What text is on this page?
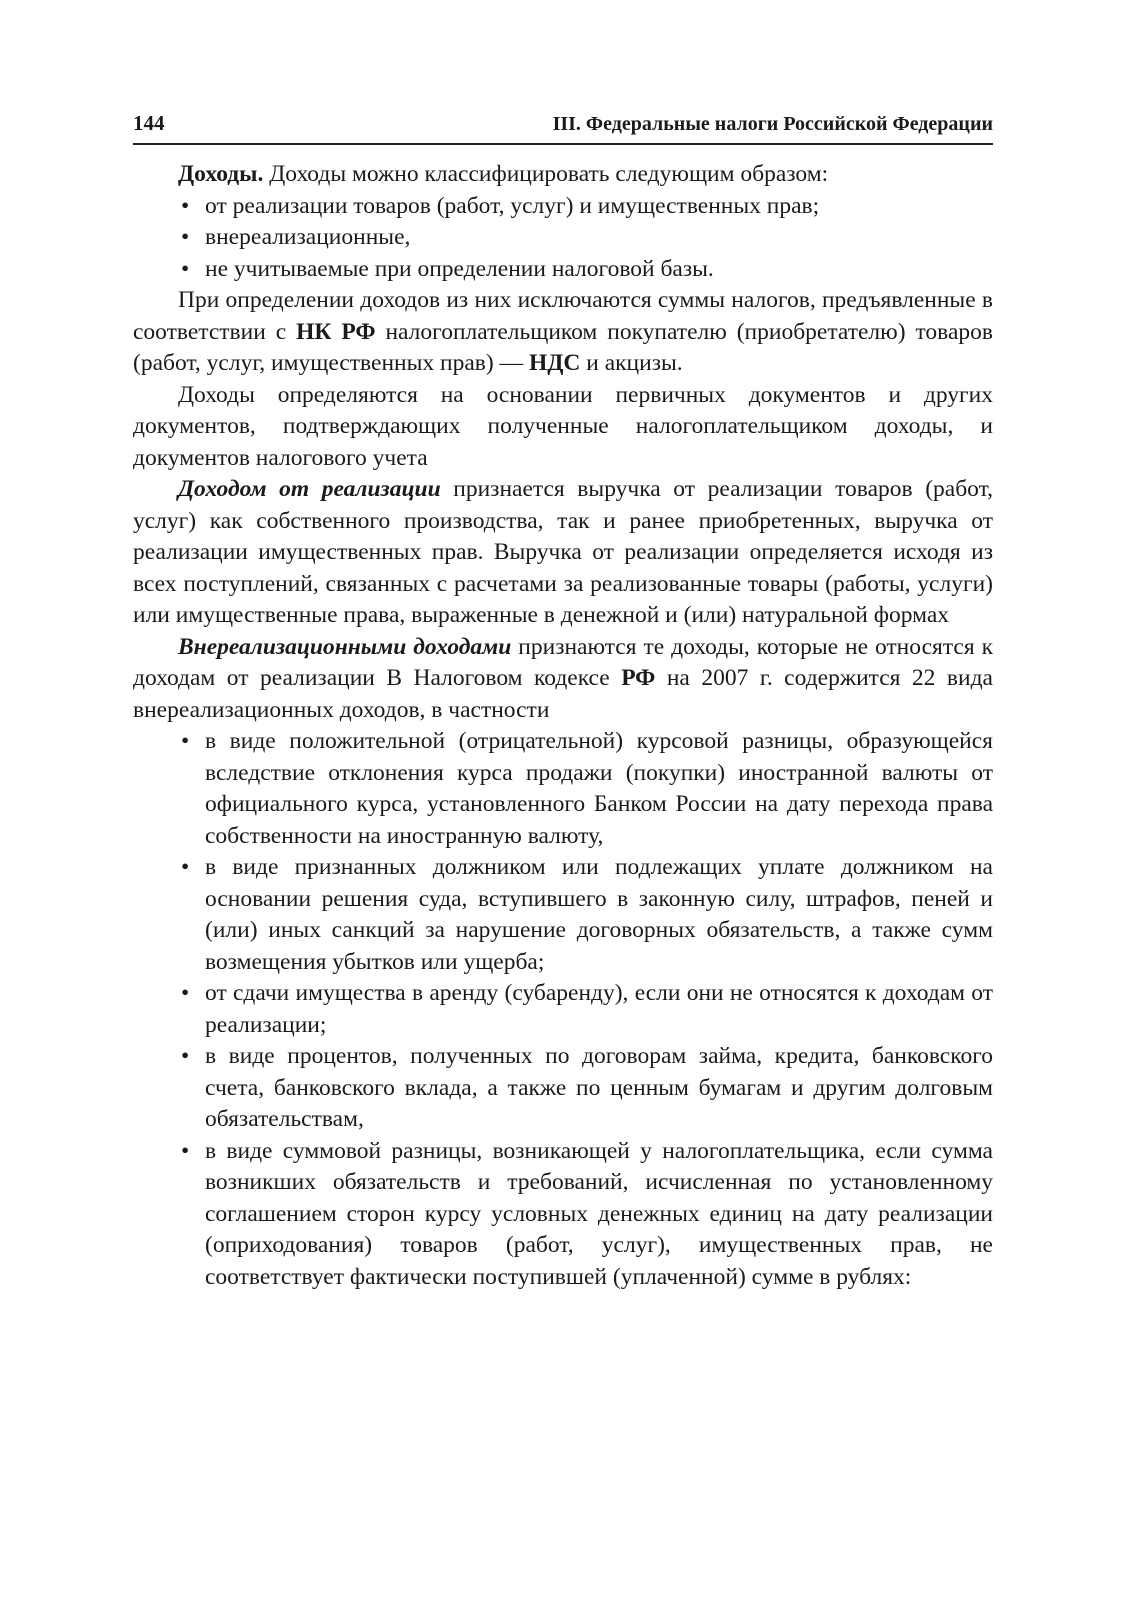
144	III. Федеральные налоги Российской Федерации

Доходы. Доходы можно классифицировать следующим образом:

• от реализации товаров (работ, услуг) и имущественных прав;
• внереализационные,
• не учитываемые при определении налоговой базы.

При определении доходов из них исключаются суммы налогов, предъявленные в соответствии с НК РФ налогоплательщиком покупателю (приобретателю) товаров (работ, услуг, имущественных прав) — НДС и акцизы.

Доходы определяются на основании первичных документов и других документов, подтверждающих полученные налогоплательщиком доходы, и документов налогового учета

Доходом от реализации признается выручка от реализации товаров (работ, услуг) как собственного производства, так и ранее приобретенных, выручка от реализации имущественных прав. Выручка от реализации определяется исходя из всех поступлений, связанных с расчетами за реализованные товары (работы, услуги) или имущественные права, выраженные в денежной и (или) натуральной формах

Внереализационными доходами признаются те доходы, которые не относятся к доходам от реализации В Налоговом кодексе РФ на 2007 г. содержится 22 вида внереализационных доходов, в частности

• в виде положительной (отрицательной) курсовой разницы, образующейся вследствие отклонения курса продажи (покупки) иностранной валюты от официального курса, установленного Банком России на дату перехода права собственности на иностранную валюту,
• в виде признанных должником или подлежащих уплате должником на основании решения суда, вступившего в законную силу, штрафов, пеней и (или) иных санкций за нарушение договорных обязательств, а также сумм возмещения убытков или ущерба;
• от сдачи имущества в аренду (субаренду), если они не относятся к доходам от реализации;
• в виде процентов, полученных по договорам займа, кредита, банковского счета, банковского вклада, а также по ценным бумагам и другим долговым обязательствам,
• в виде суммовой разницы, возникающей у налогоплательщика, если сумма возникших обязательств и требований, исчисленная по установленному соглашением сторон курсу условных денежных единиц на дату реализации (оприходования) товаров (работ, услуг), имущественных прав, не соответствует фактически поступившей (уплаченной) сумме в рублях:
